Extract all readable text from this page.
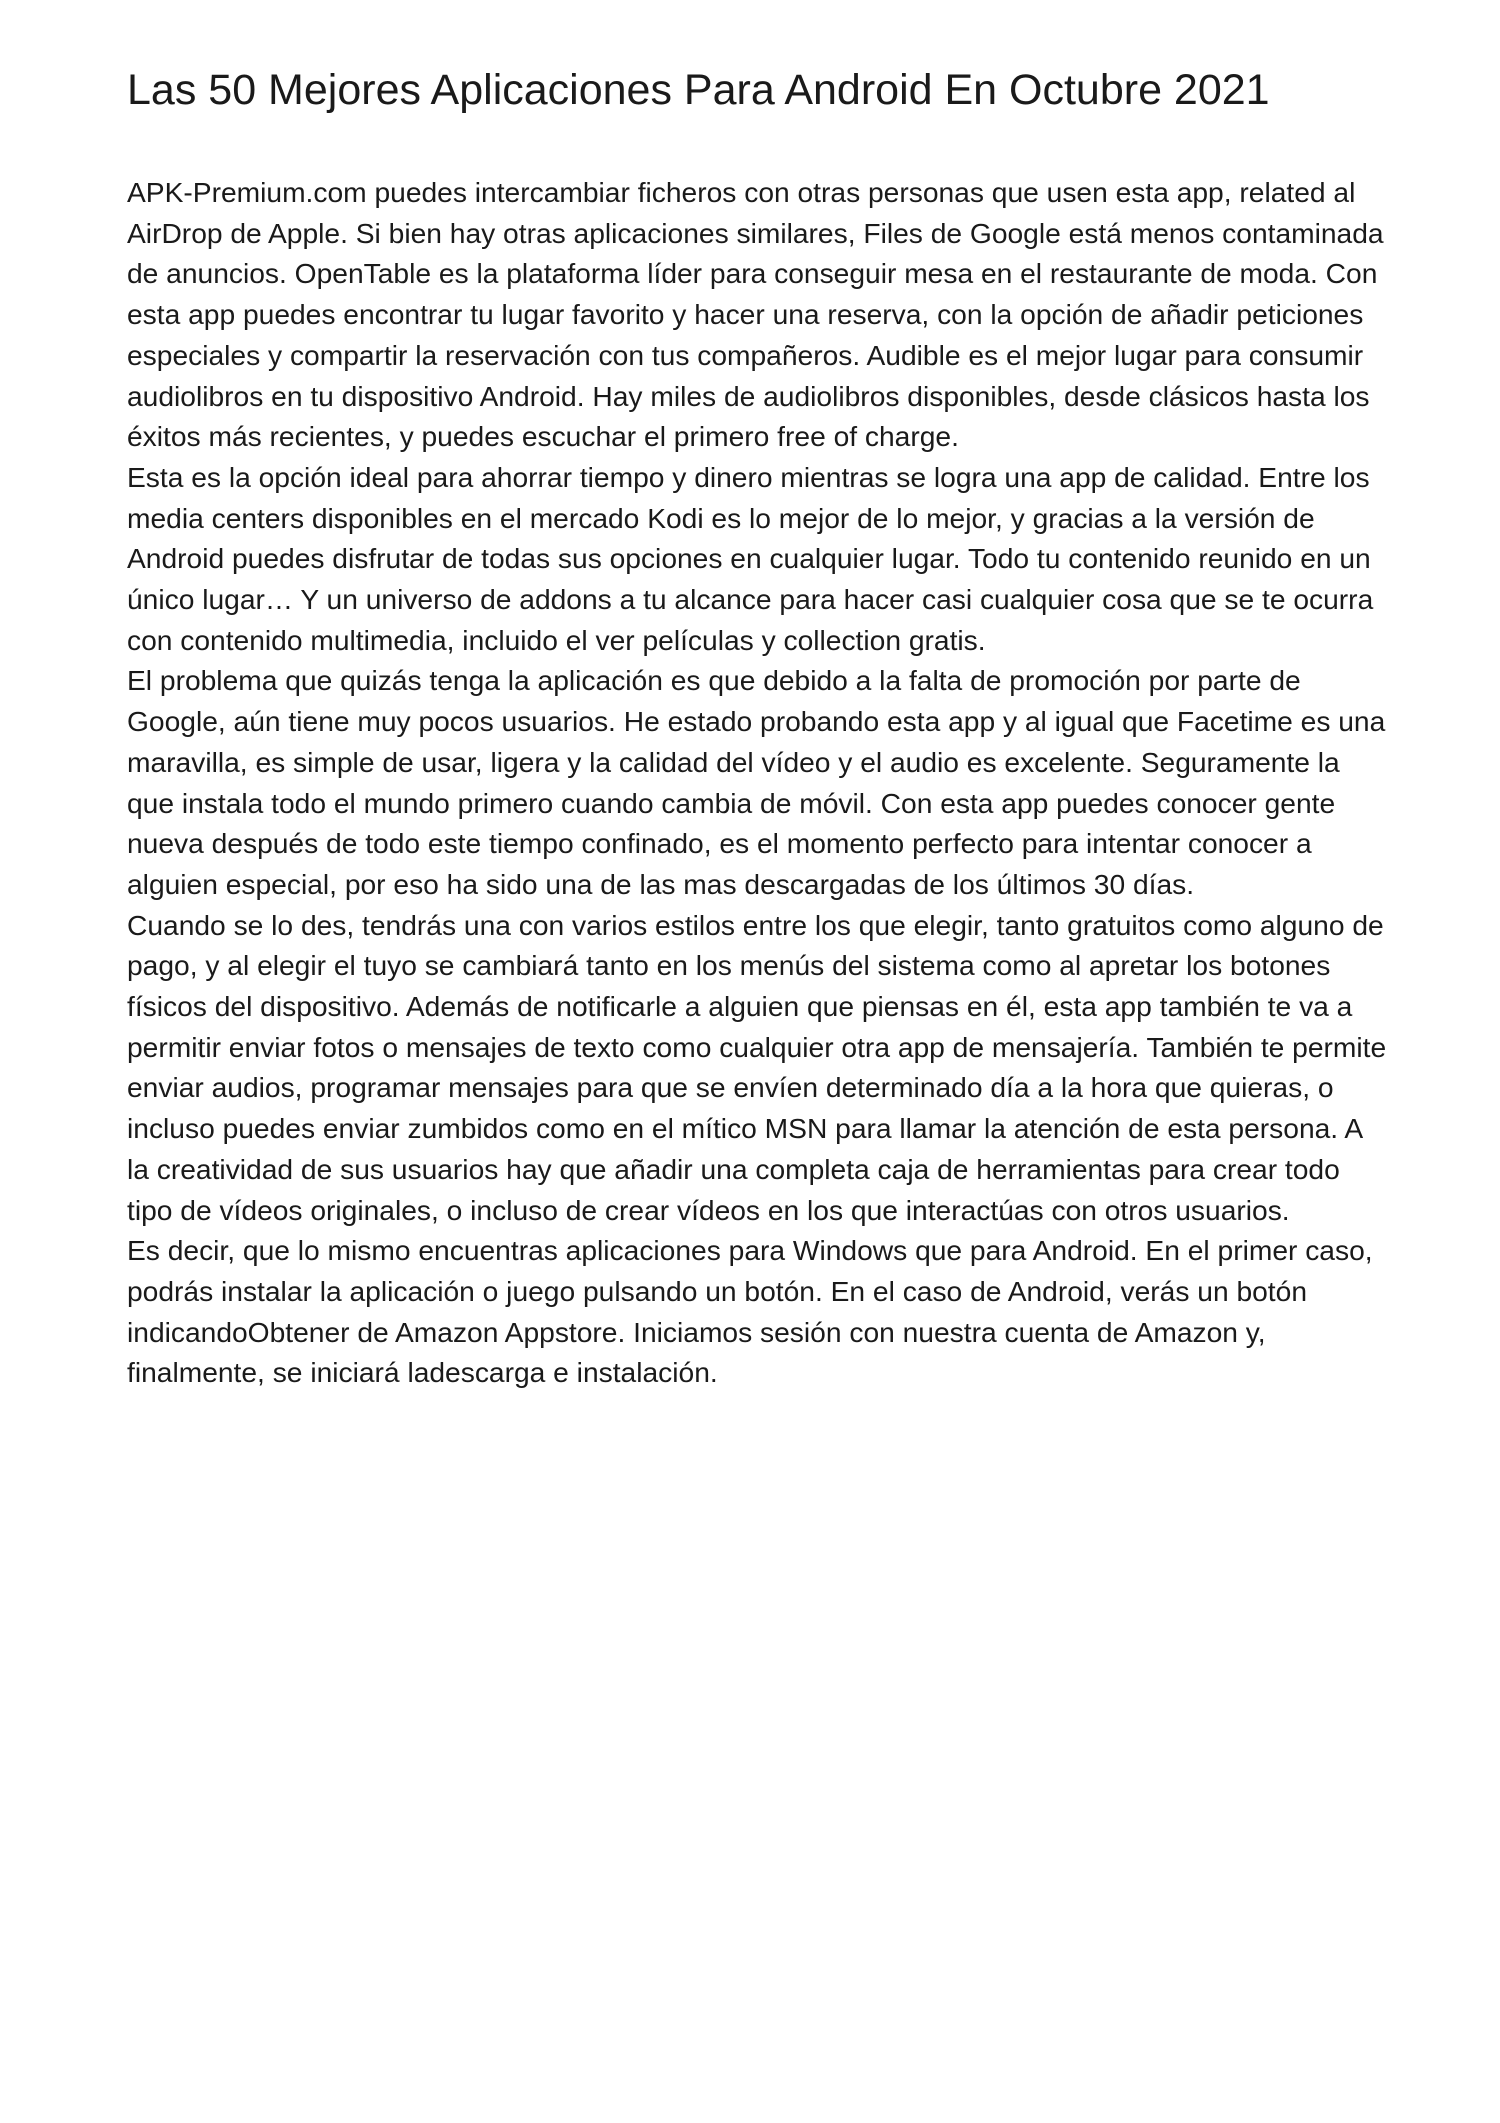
Las 50 Mejores Aplicaciones Para Android En Octubre 2021

APK-Premium.com puedes intercambiar ficheros con otras personas que usen esta app, related al AirDrop de Apple. Si bien hay otras aplicaciones similares, Files de Google está menos contaminada de anuncios. OpenTable es la plataforma líder para conseguir mesa en el restaurante de moda. Con esta app puedes encontrar tu lugar favorito y hacer una reserva, con la opción de añadir peticiones especiales y compartir la reservación con tus compañeros. Audible es el mejor lugar para consumir audiolibros en tu dispositivo Android. Hay miles de audiolibros disponibles, desde clásicos hasta los éxitos más recientes, y puedes escuchar el primero free of charge.

Esta es la opción ideal para ahorrar tiempo y dinero mientras se logra una app de calidad. Entre los media centers disponibles en el mercado Kodi es lo mejor de lo mejor, y gracias a la versión de Android puedes disfrutar de todas sus opciones en cualquier lugar. Todo tu contenido reunido en un único lugar… Y un universo de addons a tu alcance para hacer casi cualquier cosa que se te ocurra con contenido multimedia, incluido el ver películas y collection gratis.

El problema que quizás tenga la aplicación es que debido a la falta de promoción por parte de Google, aún tiene muy pocos usuarios. He estado probando esta app y al igual que Facetime es una maravilla, es simple de usar, ligera y la calidad del vídeo y el audio es excelente. Seguramente la que instala todo el mundo primero cuando cambia de móvil. Con esta app puedes conocer gente nueva después de todo este tiempo confinado, es el momento perfecto para intentar conocer a alguien especial, por eso ha sido una de las mas descargadas de los últimos 30 días.

Cuando se lo des, tendrás una con varios estilos entre los que elegir, tanto gratuitos como alguno de pago, y al elegir el tuyo se cambiará tanto en los menús del sistema como al apretar los botones físicos del dispositivo. Además de notificarle a alguien que piensas en él, esta app también te va a permitir enviar fotos o mensajes de texto como cualquier otra app de mensajería. También te permite enviar audios, programar mensajes para que se envíen determinado día a la hora que quieras, o incluso puedes enviar zumbidos como en el mítico MSN para llamar la atención de esta persona. A la creatividad de sus usuarios hay que añadir una completa caja de herramientas para crear todo tipo de vídeos originales, o incluso de crear vídeos en los que interactúas con otros usuarios.

Es decir, que lo mismo encuentras aplicaciones para Windows que para Android. En el primer caso, podrás instalar la aplicación o juego pulsando un botón. En el caso de Android, verás un botón indicandoObtener de Amazon Appstore. Iniciamos sesión con nuestra cuenta de Amazon y, finalmente, se iniciará ladescarga e instalación.
